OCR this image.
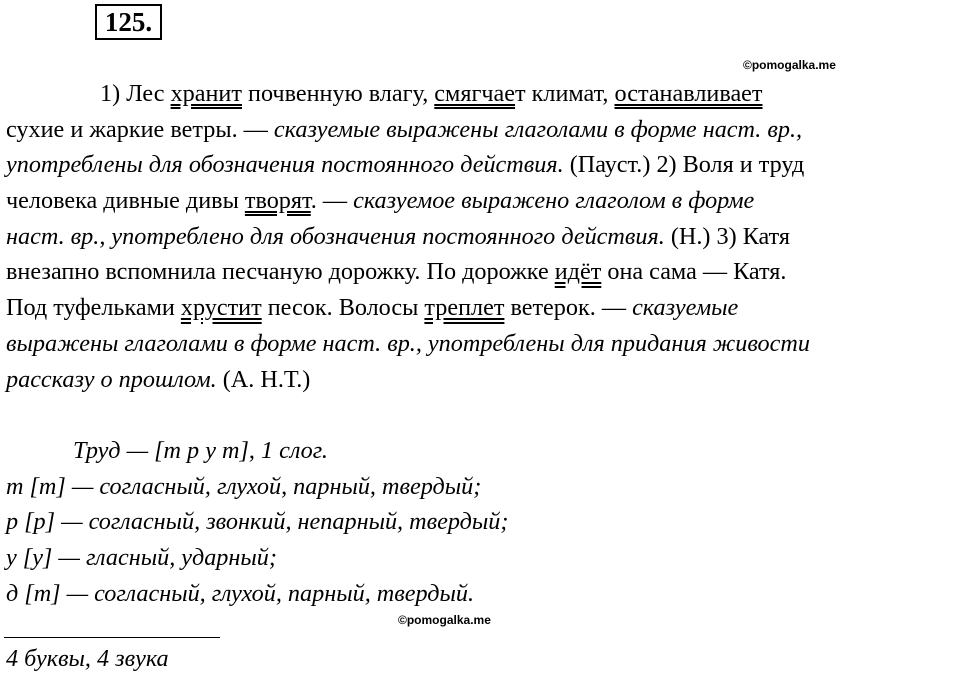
125.
©pomogalka.me
1) Лес хранит почвенную влагу, смягчает климат, останавливает
сухие и жаркие ветры. — сказуемые выражены глаголами в форме наст. вр.,
употреблены для обозначения постоянного действия. (Пауст.) 2) Воля и труд
человека дивные дивы творят. — сказуемое выражено глаголом в форме
наст. вр., употреблено для обозначения постоянного действия. (Н.) 3) Катя
внезапно вспомнила песчаную дорожку. По дорожке идёт она сама — Катя.
Под туфельками хрустит песок. Волосы треплет ветерок. — сказуемые
выражены глаголами в форме наст. вр., употреблены для придания живости
рассказу о прошлом. (А. Н.Т.)
Труд — [т р у т], 1 слог.
т [т] — согласный, глухой, парный, твердый;
р [р] — согласный, звонкий, непарный, твердый;
у [у] — гласный, ударный;
д [т] — согласный, глухой, парный, твердый.
©pomogalka.me
4 буквы, 4 звука
